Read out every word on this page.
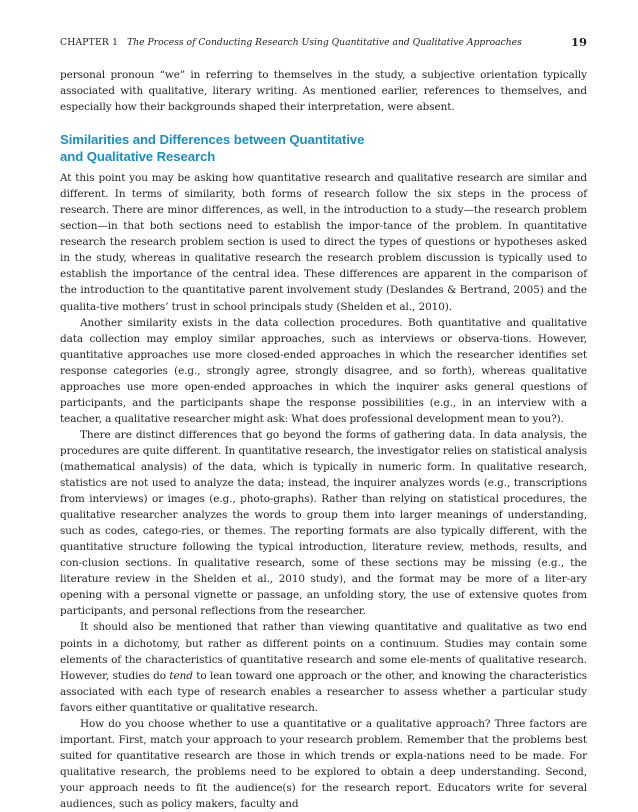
CHAPTER 1 The Process of Conducting Research Using Quantitative and Qualitative Approaches	19

personal pronoun “we” in referring to themselves in the study, a subjective orientation typically associated with qualitative, literary writing. As mentioned earlier, references to themselves, and especially how their backgrounds shaped their interpretation, were absent.

Similarities and Differences between Quantitative
and Qualitative Research

At this point you may be asking how quantitative research and qualitative research are similar and different. In terms of similarity, both forms of research follow the six steps in the process of research. There are minor differences, as well, in the introduction to a study—the research problem section—in that both sections need to establish the impor-tance of the problem. In quantitative research the research problem section is used to direct the types of questions or hypotheses asked in the study, whereas in qualitative research the research problem discussion is typically used to establish the importance of the central idea. These differences are apparent in the comparison of the introduction to the quantitative parent involvement study (Deslandes & Bertrand, 2005) and the qualita-tive mothers’ trust in school principals study (Shelden et al., 2010).

Another similarity exists in the data collection procedures. Both quantitative and qualitative data collection may employ similar approaches, such as interviews or observa-tions. However, quantitative approaches use more closed-ended approaches in which the researcher identifies set response categories (e.g., strongly agree, strongly disagree, and so forth), whereas qualitative approaches use more open-ended approaches in which the inquirer asks general questions of participants, and the participants shape the response possibilities (e.g., in an interview with a teacher, a qualitative researcher might ask: What does professional development mean to you?).

There are distinct differences that go beyond the forms of gathering data. In data analysis, the procedures are quite different. In quantitative research, the investigator relies on statistical analysis (mathematical analysis) of the data, which is typically in numeric form. In qualitative research, statistics are not used to analyze the data; instead, the inquirer analyzes words (e.g., transcriptions from interviews) or images (e.g., photo-graphs). Rather than relying on statistical procedures, the qualitative researcher analyzes the words to group them into larger meanings of understanding, such as codes, catego-ries, or themes. The reporting formats are also typically different, with the quantitative structure following the typical introduction, literature review, methods, results, and con-clusion sections. In qualitative research, some of these sections may be missing (e.g., the literature review in the Shelden et al., 2010 study), and the format may be more of a liter-ary opening with a personal vignette or passage, an unfolding story, the use of extensive quotes from participants, and personal reflections from the researcher.

It should also be mentioned that rather than viewing quantitative and qualitative as two end points in a dichotomy, but rather as different points on a continuum. Studies may contain some elements of the characteristics of quantitative research and some ele-ments of qualitative research. However, studies do tend to lean toward one approach or the other, and knowing the characteristics associated with each type of research enables a researcher to assess whether a particular study favors either quantitative or qualitative research.

How do you choose whether to use a quantitative or a qualitative approach? Three factors are important. First, match your approach to your research problem. Remember that the problems best suited for quantitative research are those in which trends or expla-nations need to be made. For qualitative research, the problems need to be explored to obtain a deep understanding. Second, your approach needs to fit the audience(s) for the research report. Educators write for several audiences, such as policy makers, faculty and
